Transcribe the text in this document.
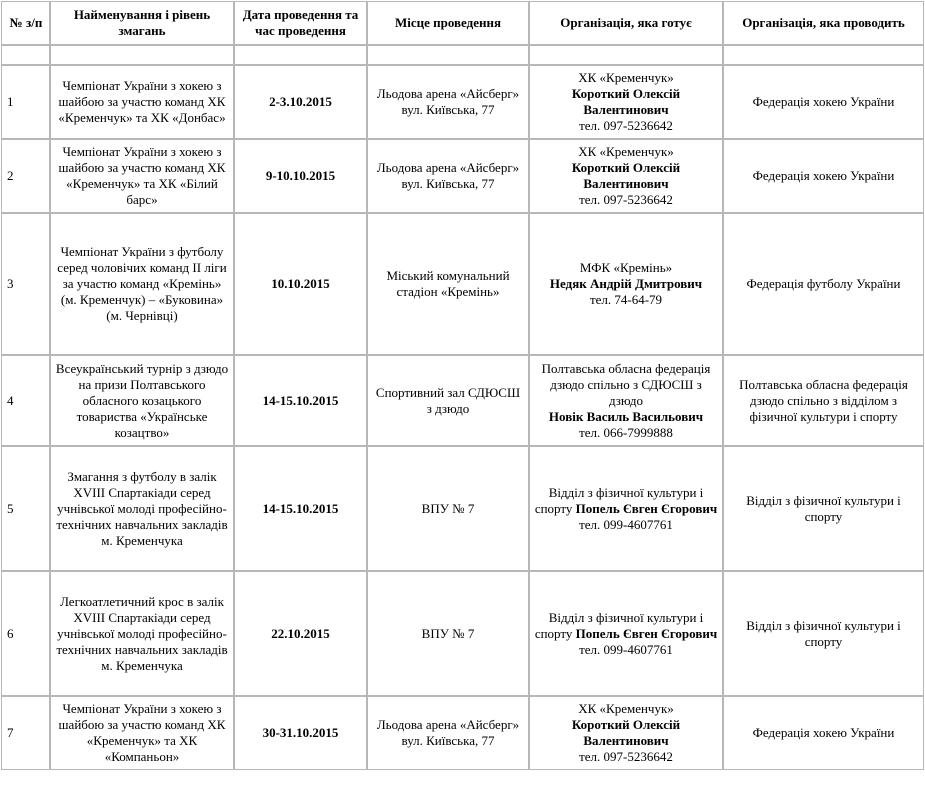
№ з/п	Найменування і рівень змагань	Дата проведення та час проведення	Місце проведення	Організація, яка готує	Організація, яка проводить

1	Чемпіонат України з хокею з шайбою за участю команд ХК «Кременчук» та ХК «Донбас»	2-3.10.2015	Льодова арена «Айсберг» вул. Київська, 77	ХК «Кременчук»
Короткий Олексій Валентинович
тел. 097-5236642	Федерація хокею України
2	Чемпіонат України з хокею з шайбою за участю команд ХК «Кременчук» та ХК «Білий барс»	9-10.10.2015	Льодова арена «Айсберг» вул. Київська, 77	ХК «Кременчук»
Короткий Олексій Валентинович
тел. 097-5236642	Федерація хокею України
3	Чемпіонат України з футболу серед чоловічих команд ІІ ліги за участю команд «Кремінь» (м. Кременчук) – «Буковина» (м. Чернівці)	10.10.2015	Міський комунальний стадіон «Кремінь»	МФК «Кремінь»
Недяк Андрій Дмитрович
тел. 74-64-79	Федерація футболу України
4	Всеукраїнський турнір з дзюдо на призи Полтавського обласного козацького товариства «Українське козацтво»	14-15.10.2015	Спортивний зал СДЮСШ з дзюдо	Полтавська обласна федерація дзюдо спільно з СДЮСШ з дзюдо
Новік Василь Васильович
тел. 066-7999888	Полтавська обласна федерація дзюдо спільно з відділом з фізичної культури і спорту
5	Змагання з футболу в залік XVIII Спартакіади серед учнівської молоді професійно-технічних навчальних закладів м. Кременчука	14-15.10.2015	ВПУ № 7	Відділ з фізичної культури і спорту Попель Євген Єгорович
тел. 099-4607761	Відділ з фізичної культури і спорту
6	Легкоатлетичний крос в залік XVIII Спартакіади серед учнівської молоді професійно-технічних навчальних закладів м. Кременчука	22.10.2015	ВПУ № 7	Відділ з фізичної культури і спорту Попель Євген Єгорович
тел. 099-4607761	Відділ з фізичної культури і спорту
7	Чемпіонат України з хокею з шайбою за участю команд ХК «Кременчук» та ХК «Компаньон»	30-31.10.2015	Льодова арена «Айсберг» вул. Київська, 77	ХК «Кременчук»
Короткий Олексій Валентинович
тел. 097-5236642	Федерація хокею України
